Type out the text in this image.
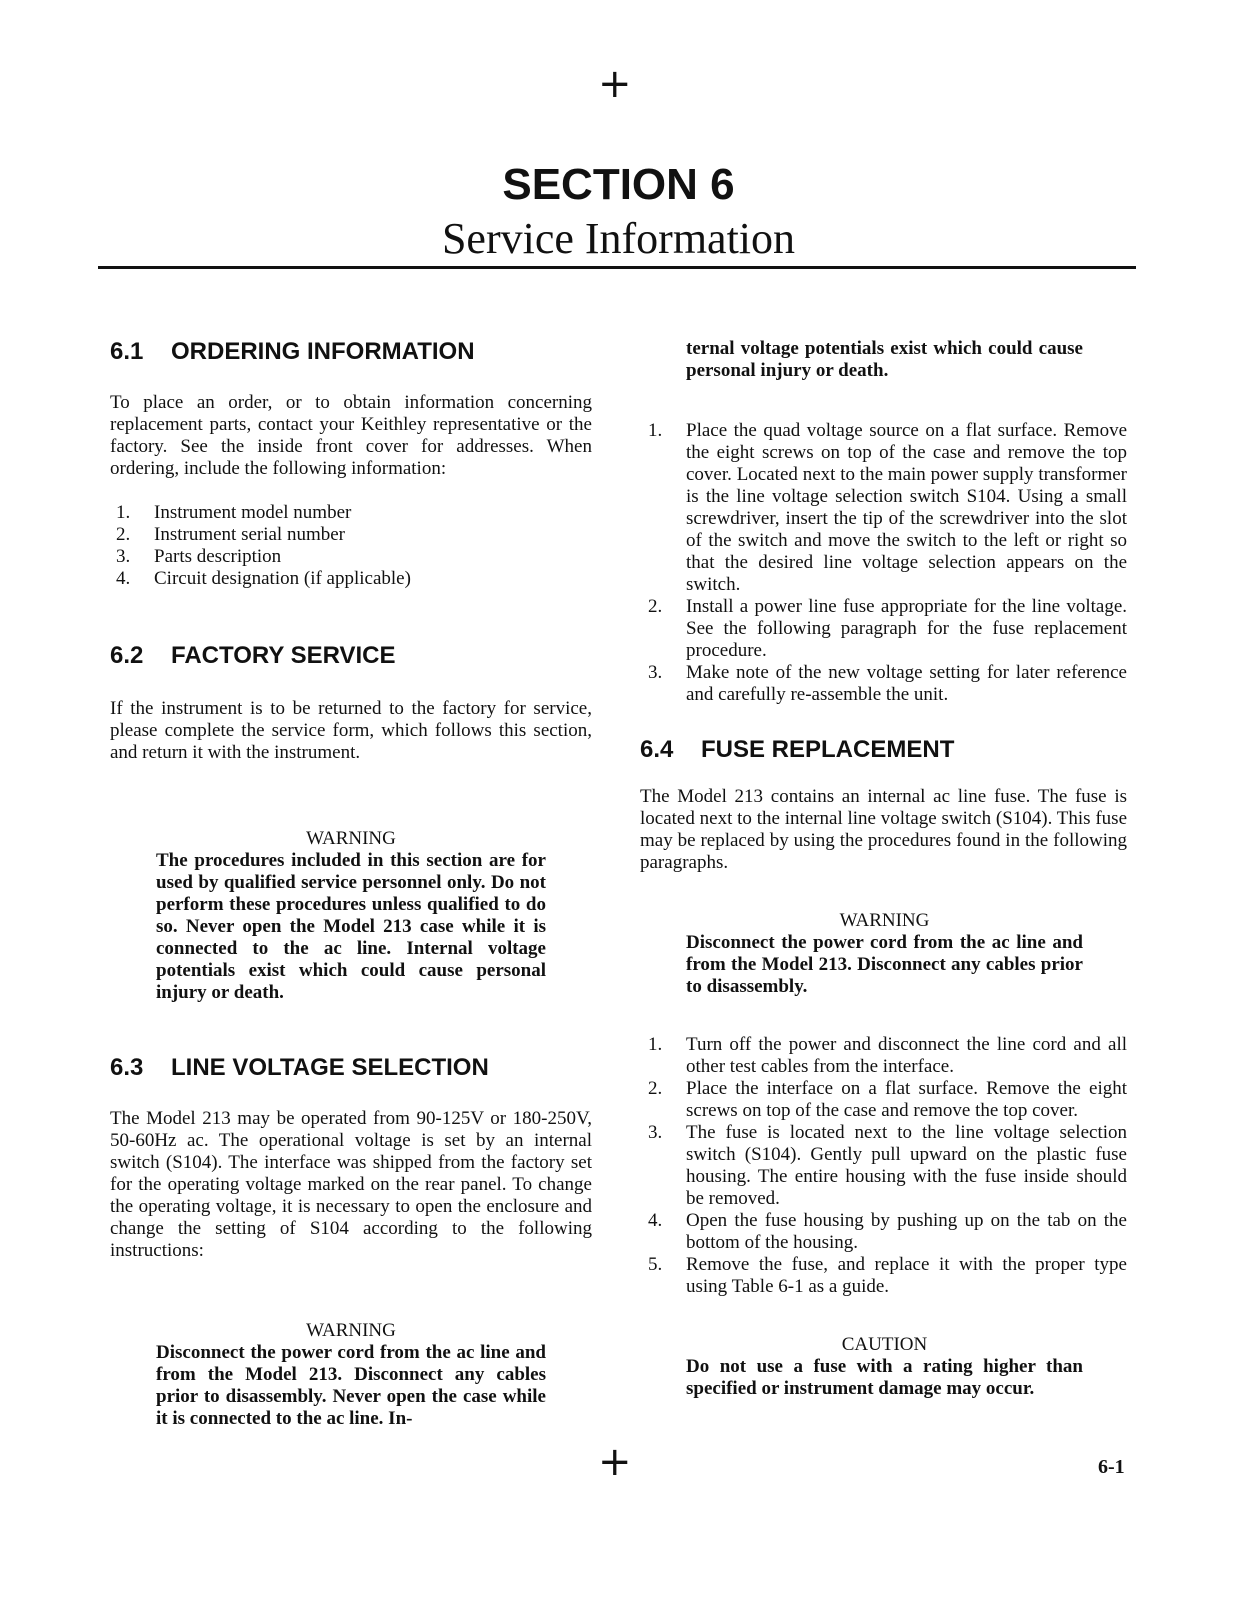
+
SECTION 6
Service Information
6.1	ORDERING INFORMATION

To place an order, or to obtain information concerning replacement parts, contact your Keithley representative or the factory. See the inside front cover for addresses. When ordering, include the following information:

1.	Instrument model number
2.	Instrument serial number
3.	Parts description
4.	Circuit designation (if applicable)
6.2	FACTORY SERVICE

If the instrument is to be returned to the factory for service, please complete the service form, which follows this section, and return it with the instrument.

WARNING
The procedures included in this section are for used by qualified service personnel only. Do not perform these procedures unless qualified to do so. Never open the Model 213 case while it is connected to the ac line. Internal voltage potentials exist which could cause personal injury or death.
6.3	LINE VOLTAGE SELECTION

The Model 213 may be operated from 90-125V or 180-250V, 50-60Hz ac. The operational voltage is set by an internal switch (S104). The interface was shipped from the factory set for the operating voltage marked on the rear panel. To change the operating voltage, it is necessary to open the enclosure and change the setting of S104 according to the following instructions:

WARNING
Disconnect the power cord from the ac line and from the Model 213. Disconnect any cables prior to disassembly. Never open the case while it is connected to the ac line. In-
ternal voltage potentials exist which could cause personal injury or death.
1.	Place the quad voltage source on a flat surface. Remove the eight screws on top of the case and remove the top cover. Located next to the main power supply transformer is the line voltage selection switch S104. Using a small screwdriver, insert the tip of the screwdriver into the slot of the switch and move the switch to the left or right so that the desired line voltage selection appears on the switch.
2.	Install a power line fuse appropriate for the line voltage. See the following paragraph for the fuse replacement procedure.
3.	Make note of the new voltage setting for later reference and carefully re-assemble the unit.
6.4	FUSE REPLACEMENT

The Model 213 contains an internal ac line fuse. The fuse is located next to the internal line voltage switch (S104). This fuse may be replaced by using the procedures found in the following paragraphs.

WARNING
Disconnect the power cord from the ac line and from the Model 213. Disconnect any cables prior to disassembly.
1.	Turn off the power and disconnect the line cord and all other test cables from the interface.
2.	Place the interface on a flat surface. Remove the eight screws on top of the case and remove the top cover.
3.	The fuse is located next to the line voltage selection switch (S104). Gently pull upward on the plastic fuse housing. The entire housing with the fuse inside should be removed.
4.	Open the fuse housing by pushing up on the tab on the bottom of the housing.
5.	Remove the fuse, and replace it with the proper type using Table 6-1 as a guide.
CAUTION
Do not use a fuse with a rating higher than specified or instrument damage may occur.
+	6-1
